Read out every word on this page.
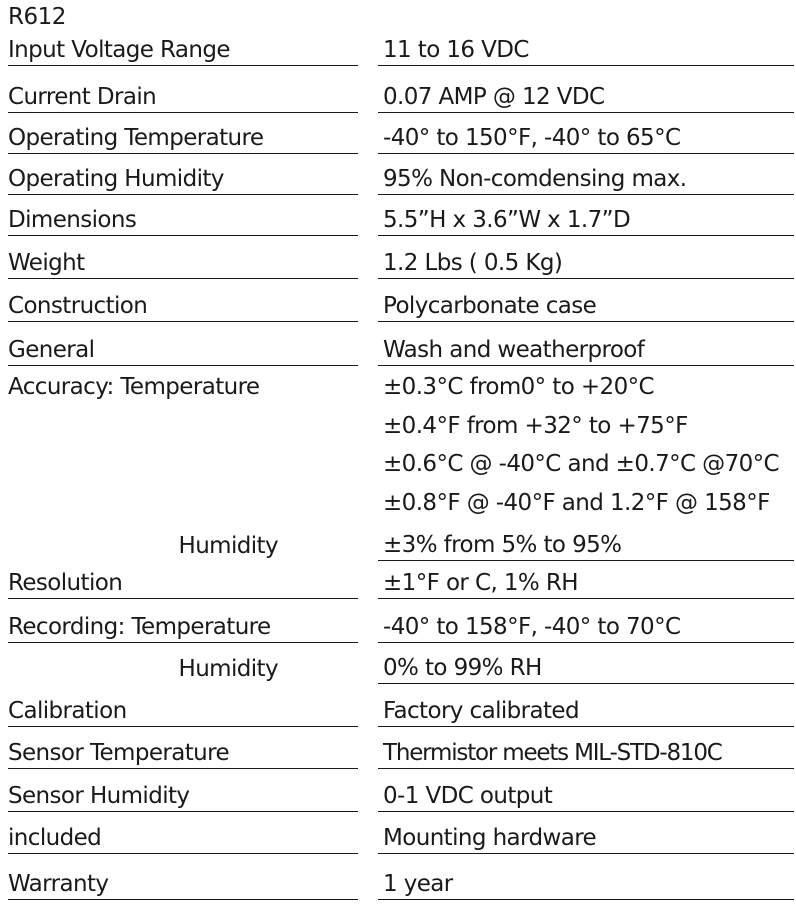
R612
Input Voltage Range	11 to 16 VDC
Current Drain	0.07 AMP @ 12 VDC
Operating Temperature	-40° to 150°F, -40° to 65°C
Operating Humidity	95% Non-comdensing max.
Dimensions	5.5”H x 3.6”W x 1.7”D
Weight	1.2 Lbs ( 0.5 Kg)
Construction	Polycarbonate case
General	Wash and weatherproof
Accuracy: Temperature	±0.3°C from0° to +20°C
±0.4°F from +32° to +75°F
±0.6°C @ -40°C and ±0.7°C @70°C
±0.8°F @ -40°F and 1.2°F @ 158°F
Humidity	±3% from 5% to 95%
Resolution	±1°F or C, 1% RH
Recording: Temperature	-40° to 158°F, -40° to 70°C
Humidity	0% to 99% RH
Calibration	Factory calibrated
Sensor Temperature	Thermistor meets MIL-STD-810C
Sensor Humidity	0-1 VDC output
included	Mounting hardware
Warranty	1 year
